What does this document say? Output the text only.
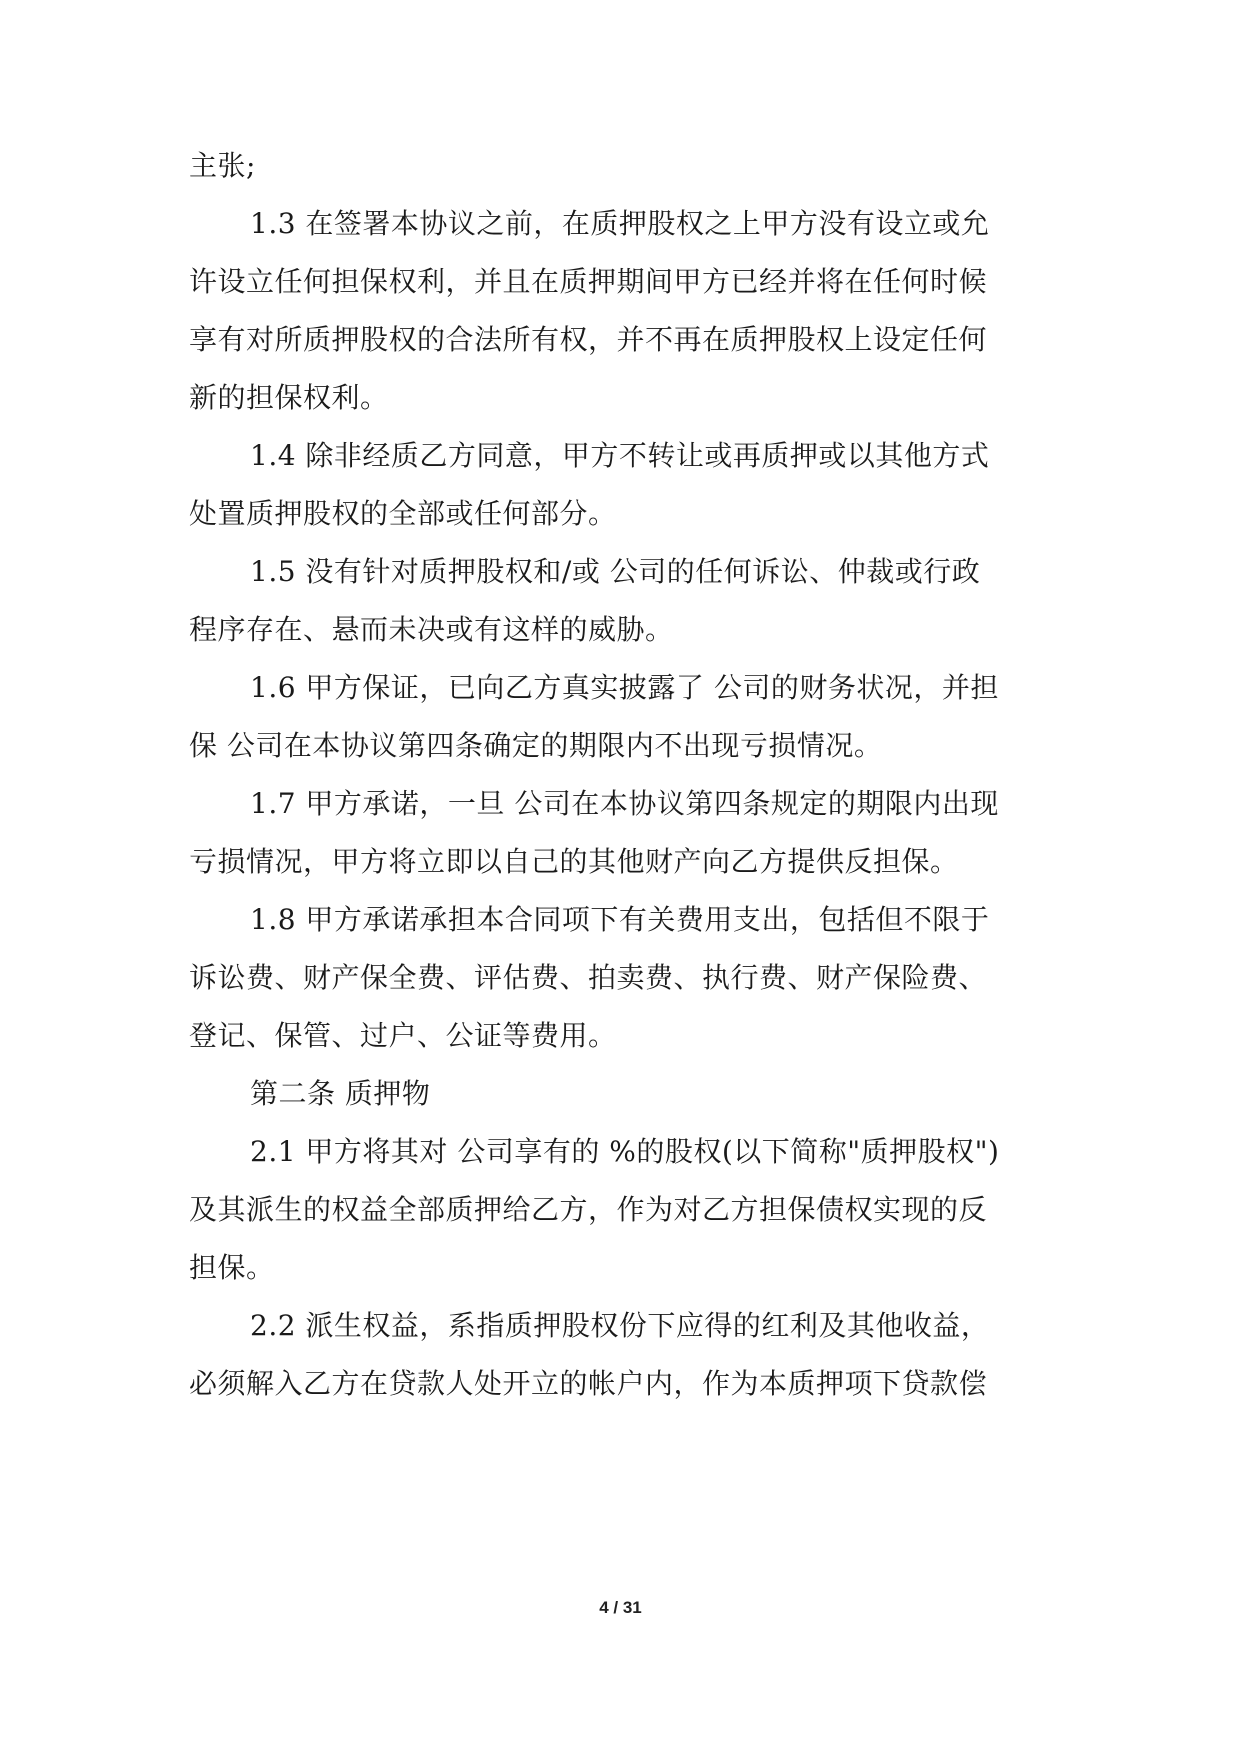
主张;
1.3 在签署本协议之前，在质押股权之上甲方没有设立或允
许设立任何担保权利，并且在质押期间甲方已经并将在任何时候
享有对所质押股权的合法所有权，并不再在质押股权上设定任何
新的担保权利。
1.4 除非经质乙方同意，甲方不转让或再质押或以其他方式
处置质押股权的全部或任何部分。
1.5 没有针对质押股权和/或 公司的任何诉讼、仲裁或行政
程序存在、悬而未决或有这样的威胁。
1.6 甲方保证，已向乙方真实披露了 公司的财务状况，并担
保 公司在本协议第四条确定的期限内不出现亏损情况。
1.7 甲方承诺，一旦 公司在本协议第四条规定的期限内出现
亏损情况，甲方将立即以自己的其他财产向乙方提供反担保。
1.8 甲方承诺承担本合同项下有关费用支出，包括但不限于
诉讼费、财产保全费、评估费、拍卖费、执行费、财产保险费、
登记、保管、过户、公证等费用。
第二条 质押物
2.1 甲方将其对 公司享有的 %的股权(以下简称"质押股权")
及其派生的权益全部质押给乙方，作为对乙方担保债权实现的反
担保。
2.2 派生权益，系指质押股权份下应得的红利及其他收益，
必须解入乙方在贷款人处开立的帐户内，作为本质押项下贷款偿
4 / 31
